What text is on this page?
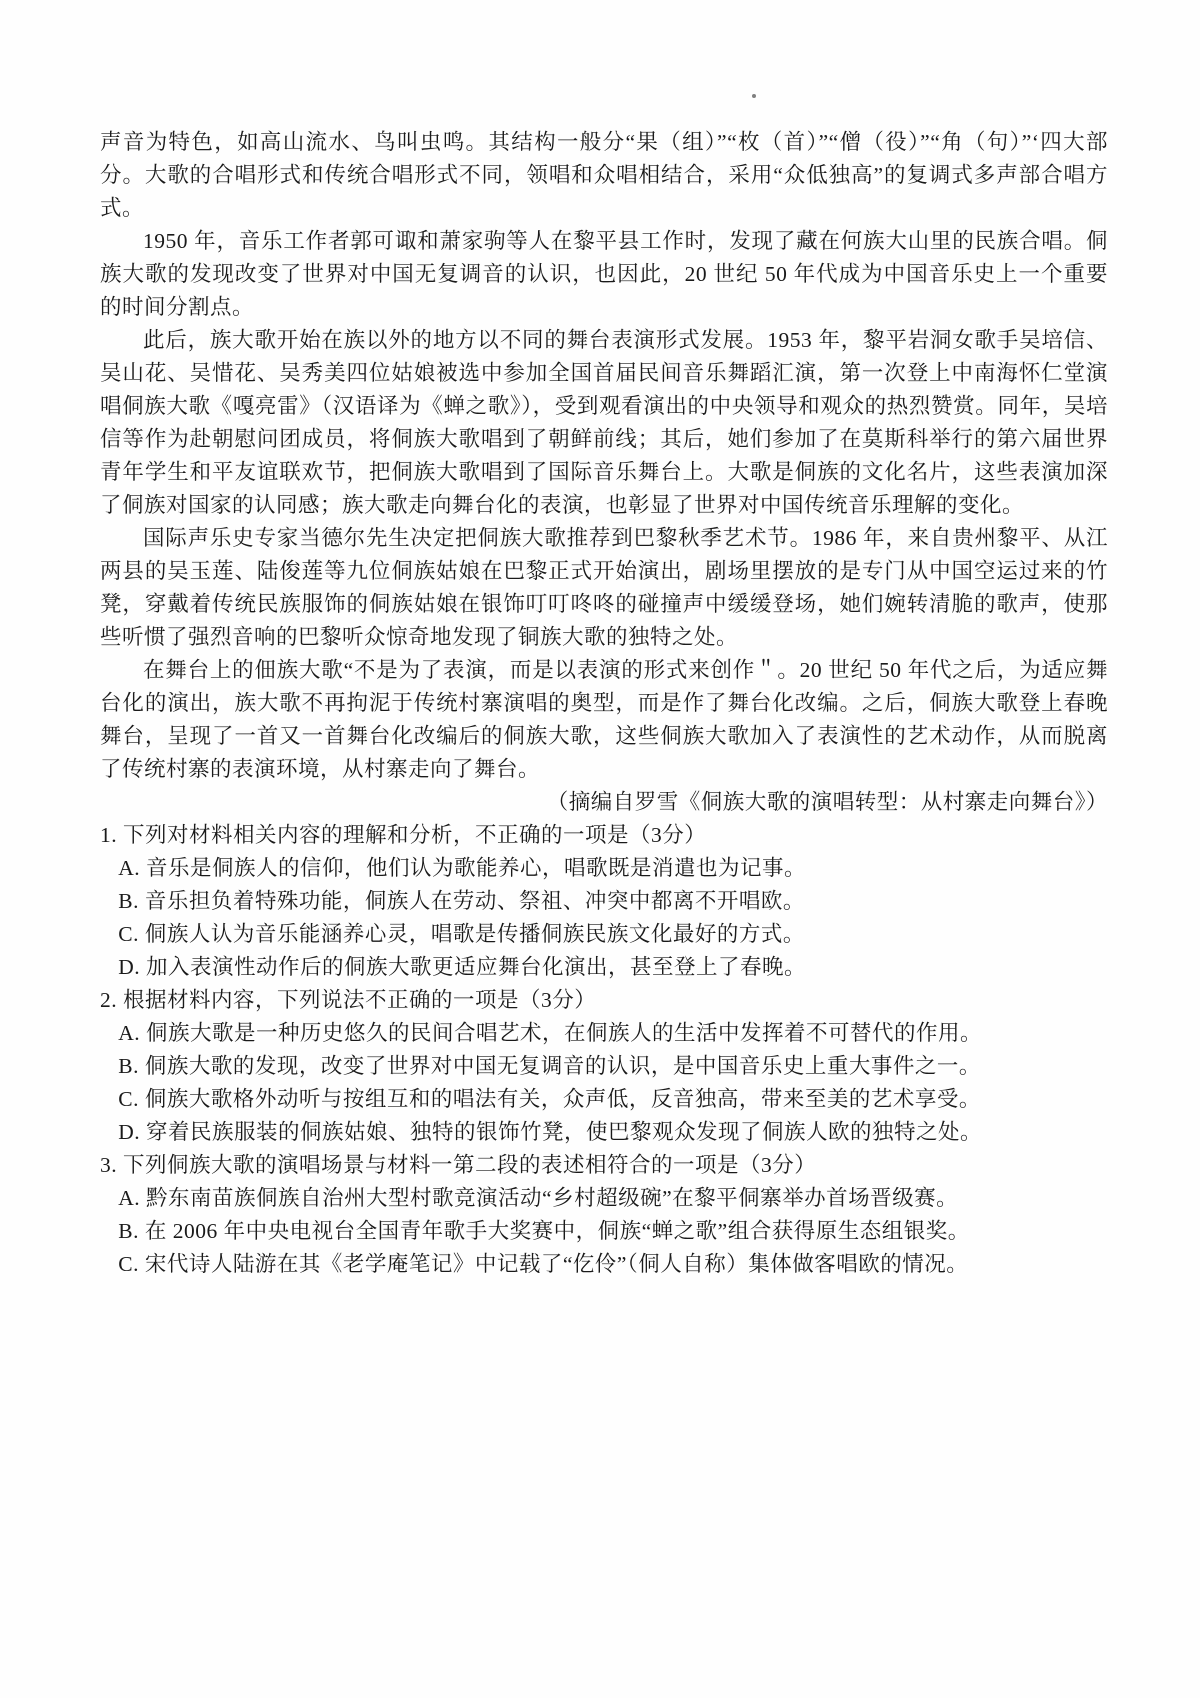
声音为特色，如高山流水、鸟叫虫鸣。其结构一般分“果（组）”“枚（首）”“僧（役）”“角（句）”‘四大部分。大歌的合唱形式和传统合唱形式不同，领唱和众唱相结合，采用“众低独高”的复调式多声部合唱方式。

1950 年，音乐工作者郭可诹和萧家驹等人在黎平县工作时，发现了藏在何族大山里的民族合唱。侗族大歌的发现改变了世界对中国无复调音的认识，也因此，20 世纪 50 年代成为中国音乐史上一个重要的时间分割点。

此后，族大歌开始在族以外的地方以不同的舞台表演形式发展。1953 年，黎平岩洞女歌手吴培信、吴山花、吴惜花、吴秀美四位姑娘被选中参加全国首届民间音乐舞蹈汇演，第一次登上中南海怀仁堂演唱侗族大歌《嘎亮雷》（汉语译为《蝉之歌》），受到观看演出的中央领导和观众的热烈赞赏。同年，吴培信等作为赴朝慰问团成员，将侗族大歌唱到了朝鲜前线；其后，她们参加了在莫斯科举行的第六届世界青年学生和平友谊联欢节，把侗族大歌唱到了国际音乐舞台上。大歌是侗族的文化名片，这些表演加深了侗族对国家的认同感；族大歌走向舞台化的表演，也彰显了世界对中国传统音乐理解的变化。

国际声乐史专家当德尔先生决定把侗族大歌推荐到巴黎秋季艺术节。1986 年，来自贵州黎平、从江两县的吴玉莲、陆俊莲等九位侗族姑娘在巴黎正式开始演出，剧场里摆放的是专门从中国空运过来的竹凳，穿戴着传统民族服饰的侗族姑娘在银饰叮叮咚咚的碰撞声中缓缓登场，她们婉转清脆的歌声，使那些听惯了强烈音响的巴黎听众惊奇地发现了铜族大歌的独特之处。

在舞台上的佃族大歌“不是为了表演，而是以表演的形式来创作＂。20 世纪 50 年代之后，为适应舞台化的演出，族大歌不再拘泥于传统村寨演唱的奥型，而是作了舞台化改编。之后，侗族大歌登上春晚舞台，呈现了一首又一首舞台化改编后的侗族大歌，这些侗族大歌加入了表演性的艺术动作，从而脱离了传统村寨的表演环境，从村寨走向了舞台。

（摘编自罗雪《侗族大歌的演唱转型：从村寨走向舞台》）

1. 下列对材料相关内容的理解和分析，不正确的一项是（3分）

A. 音乐是侗族人的信仰，他们认为歌能养心，唱歌既是消遣也为记事。

B. 音乐担负着特殊功能，侗族人在劳动、祭祖、冲突中都离不开唱欧。

C. 侗族人认为音乐能涵养心灵，唱歌是传播侗族民族文化最好的方式。

D. 加入表演性动作后的侗族大歌更适应舞台化演出，甚至登上了春晚。

2. 根据材料内容，下列说法不正确的一项是（3分）

A. 侗族大歌是一种历史悠久的民间合唱艺术，在侗族人的生活中发挥着不可替代的作用。

B. 侗族大歌的发现，改变了世界对中国无复调音的认识，是中国音乐史上重大事件之一。

C. 侗族大歌格外动听与按组互和的唱法有关，众声低，反音独高，带来至美的艺术享受。

D. 穿着民族服装的侗族姑娘、独特的银饰竹凳，使巴黎观众发现了侗族人欧的独特之处。

3. 下列侗族大歌的演唱场景与材料一第二段的表述相符合的一项是（3分）

A. 黔东南苗族侗族自治州大型村歌竞演活动“乡村超级碗”在黎平侗寨举办首场晋级赛。

B. 在 2006 年中央电视台全国青年歌手大奖赛中，侗族“蝉之歌”组合获得原生态组银奖。

C. 宋代诗人陆游在其《老学庵笔记》中记载了“仡伶”（侗人自称）集体做客唱欧的情况。
